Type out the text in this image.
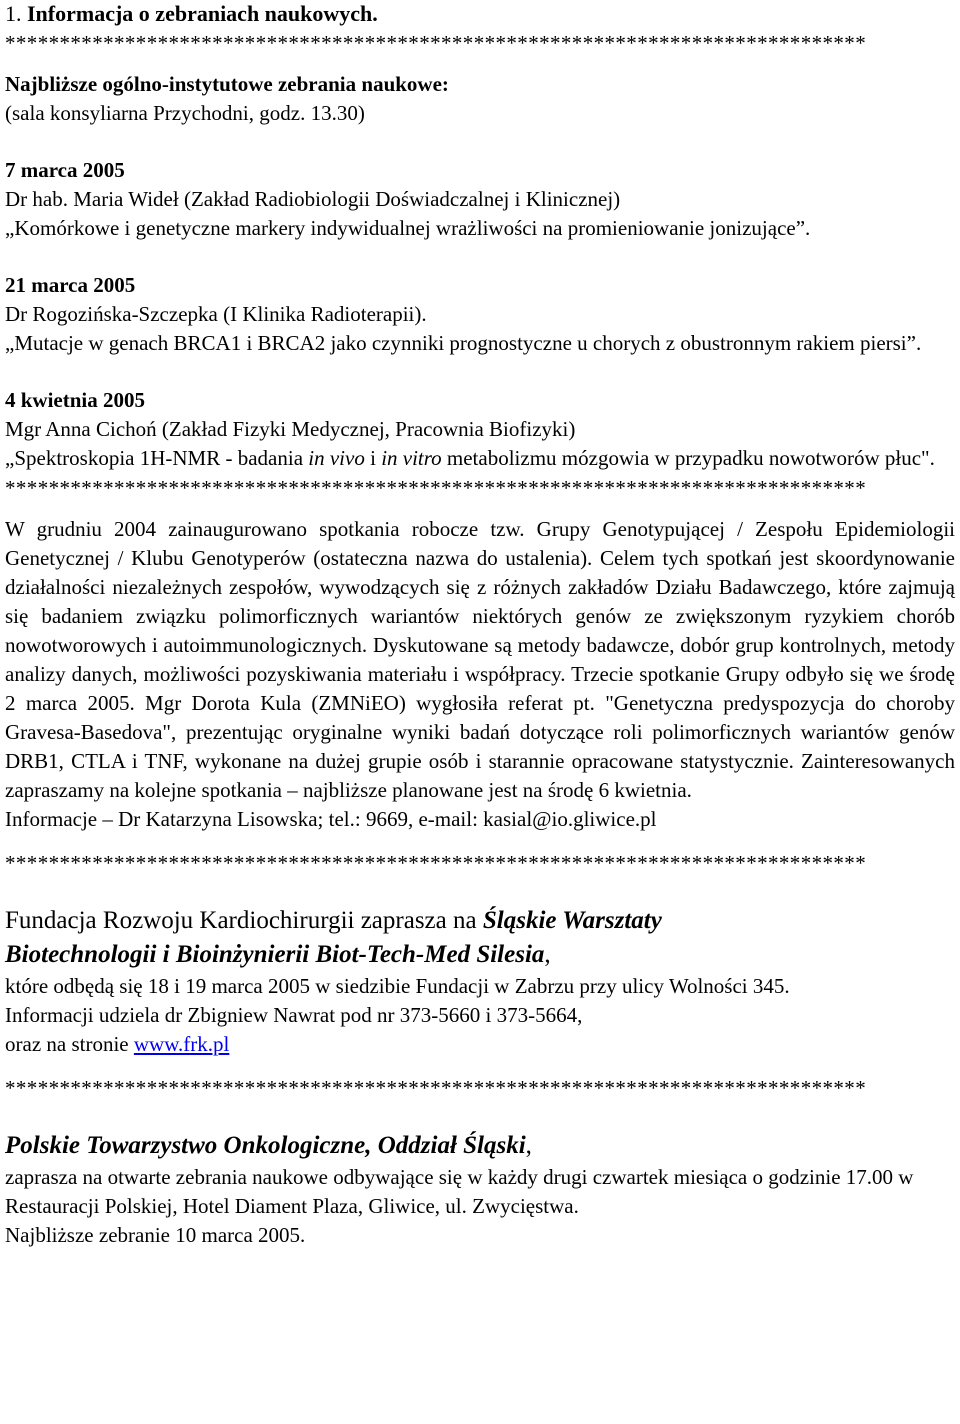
1. Informacja o zebraniach naukowych.
*******************************************************************************

Najbliższe ogólno-instytutowe zebrania naukowe:

(sala konsyliarna Przychodni, godz. 13.30)

7 marca 2005

Dr hab. Maria Wideł (Zakład Radiobiologii Doświadczalnej i Klinicznej)

„Komórkowe i genetyczne markery indywidualnej wrażliwości na promieniowanie jonizujące”.

21 marca 2005

Dr Rogozińska-Szczepka (I Klinika Radioterapii).

„Mutacje w genach BRCA1 i BRCA2 jako czynniki prognostyczne u chorych z obustronnym rakiem piersi”.

4 kwietnia 2005

Mgr Anna Cichoń (Zakład Fizyki Medycznej, Pracownia Biofizyki)

„Spektroskopia 1H-NMR - badania in vivo i in vitro metabolizmu mózgowia w przypadku nowotworów płuc".

*******************************************************************************

W grudniu 2004 zainaugurowano spotkania robocze tzw. Grupy Genotypującej / Zespołu Epidemiologii Genetycznej / Klubu Genotyperów (ostateczna nazwa do ustalenia). Celem tych spotkań jest skoordynowanie działalności niezależnych zespołów, wywodzących się z różnych zakładów Działu Badawczego, które zajmują się badaniem związku polimorficznych wariantów niektórych genów ze zwiększonym ryzykiem chorób nowotworowych i autoimmunologicznych. Dyskutowane są metody badawcze, dobór grup kontrolnych, metody analizy danych, możliwości pozyskiwania materiału i współpracy. Trzecie spotkanie Grupy odbyło się we środę 2 marca 2005. Mgr Dorota Kula (ZMNiEO) wygłosiła referat pt. "Genetyczna predyspozycja do choroby Gravesa-Basedova", prezentując oryginalne wyniki badań dotyczące roli polimorficznych wariantów genów DRB1, CTLA i TNF, wykonane na dużej grupie osób i starannie opracowane statystycznie. Zainteresowanych zapraszamy na kolejne spotkania – najbliższe planowane jest na środę 6 kwietnia.

Informacje – Dr Katarzyna Lisowska; tel.: 9669, e-mail: kasial@io.gliwice.pl

*******************************************************************************

Fundacja Rozwoju Kardiochirurgii zaprasza na Śląskie Warsztaty

Biotechnologii i Bioinżynierii Biot-Tech-Med Silesia,

które odbędą się 18 i 19 marca 2005 w siedzibie Fundacji w Zabrzu przy ulicy Wolności 345.

Informacji udziela dr Zbigniew Nawrat pod nr 373-5660 i 373-5664,

oraz na stronie www.frk.pl

*******************************************************************************

Polskie Towarzystwo Onkologiczne, Oddział Śląski,

zaprasza na otwarte zebrania naukowe odbywające się w każdy drugi czwartek miesiąca o godzinie 17.00 w Restauracji Polskiej, Hotel Diament Plaza, Gliwice, ul. Zwycięstwa.

Najbliższe zebranie 10 marca 2005.
